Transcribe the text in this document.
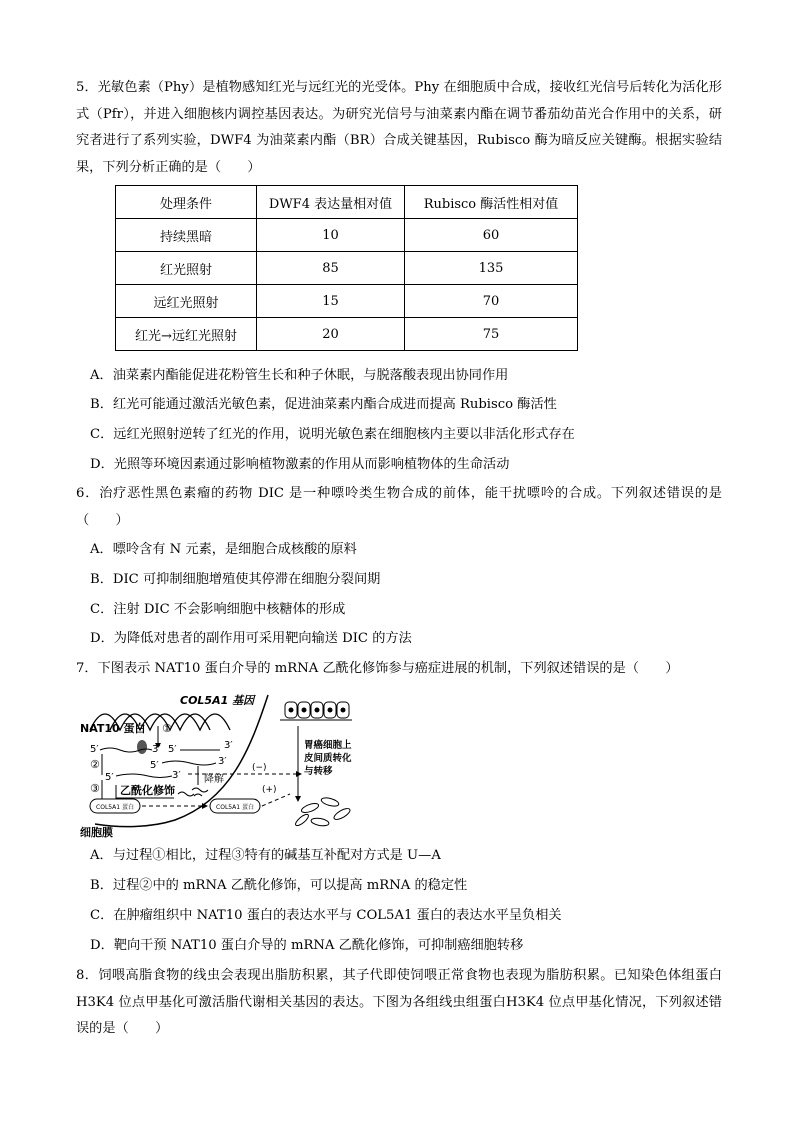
5．光敏色素（Phy）是植物感知红光与远红光的光受体。Phy 在细胞质中合成，接收红光信号后转化为活化形式（Pfr），并进入细胞核内调控基因表达。为研究光信号与油菜素内酯在调节番茄幼苗光合作用中的关系，研究者进行了系列实验，DWF4 为油菜素内酯（BR）合成关键基因，Rubisco 酶为暗反应关键酶。根据实验结果，下列分析正确的是（　　）

处理条件	DWF4 表达量相对值	Rubisco 酶活性相对值
持续黑暗	10	60
红光照射	85	135
远红光照射	15	70
红光→远红光照射	20	75

A．油菜素内酯能促进花粉管生长和种子休眠，与脱落酸表现出协同作用

B．红光可能通过激活光敏色素，促进油菜素内酯合成进而提高 Rubisco 酶活性

C．远红光照射逆转了红光的作用，说明光敏色素在细胞核内主要以非活化形式存在

D．光照等环境因素通过影响植物激素的作用从而影响植物体的生命活动

6．治疗恶性黑色素瘤的药物 DIC 是一种嘌呤类生物合成的前体，能干扰嘌呤的合成。下列叙述错误的是（　　）

A．嘌呤含有 N 元素，是细胞合成核酸的原料

B．DIC 可抑制细胞增殖使其停滞在细胞分裂间期

C．注射 DIC 不会影响细胞中核糖体的形成

D．为降低对患者的副作用可采用靶向输送 DIC 的方法

7．下图表示 NAT10 蛋白介导的 mRNA 乙酰化修饰参与癌症进展的机制，下列叙述错误的是（　　）

COL5A1 基因
NAT10 蛋白 ①
5′	3′ 5′	3′
②	5′	3′
5′	3′ 降解
③ 乙酰化修饰
COL5A1 蛋白	COL5A1 蛋白
细胞膜
(−)
(+)
胃癌细胞上
皮间质转化
与转移

A．与过程①相比，过程③特有的碱基互补配对方式是 U—A

B．过程②中的 mRNA 乙酰化修饰，可以提高 mRNA 的稳定性

C．在肿瘤组织中 NAT10 蛋白的表达水平与 COL5A1 蛋白的表达水平呈负相关

D．靶向干预 NAT10 蛋白介导的 mRNA 乙酰化修饰，可抑制癌细胞转移

8．饲喂高脂食物的线虫会表现出脂肪积累，其子代即使饲喂正常食物也表现为脂肪积累。已知染色体组蛋白H3K4 位点甲基化可激活脂代谢相关基因的表达。下图为各组线虫组蛋白H3K4 位点甲基化情况，下列叙述错误的是（　　）
